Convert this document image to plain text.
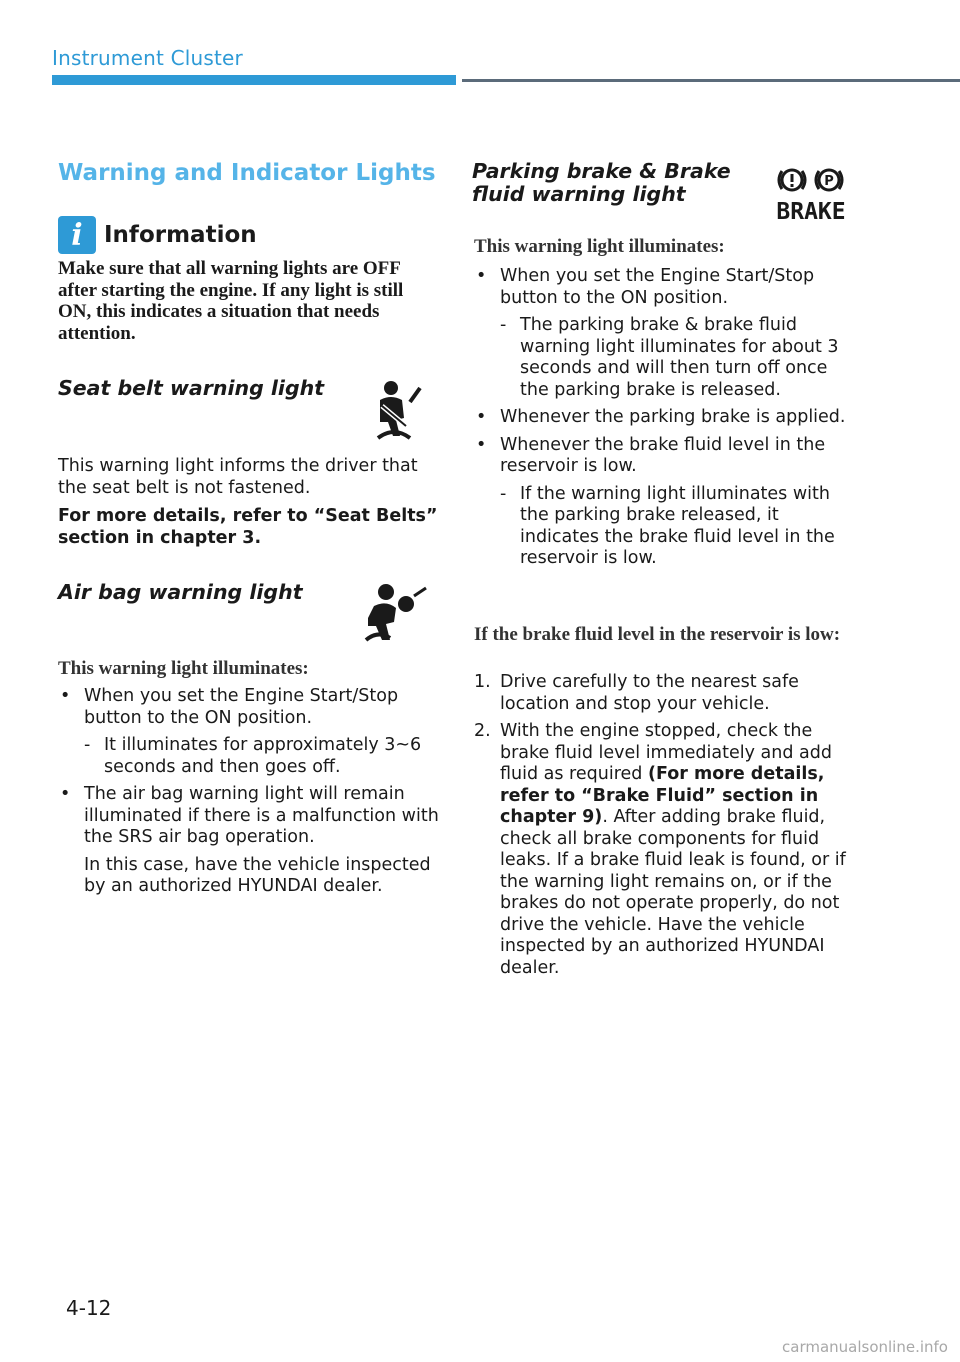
Instrument Cluster
Warning and Indicator Lights
i Information
Make sure that all warning lights are OFF after starting the engine. If any light is still ON, this indicates a situation that needs attention.
Seat belt warning light
This warning light informs the driver that the seat belt is not fastened.
For more details, refer to “Seat Belts” section in chapter 3.
Air bag warning light
This warning light illuminates:
• When you set the Engine Start/Stop button to the ON position.
- It illuminates for approximately 3~6 seconds and then goes off.
• The air bag warning light will remain illuminated if there is a malfunction with the SRS air bag operation.
In this case, have the vehicle inspected by an authorized HYUNDAI dealer.
Parking brake & Brake fluid warning light
P
BRAKE
This warning light illuminates:
• When you set the Engine Start/Stop button to the ON position.
- The parking brake & brake fluid warning light illuminates for about 3 seconds and will then turn off once the parking brake is released.
• Whenever the parking brake is applied.
• Whenever the brake fluid level in the reservoir is low.
- If the warning light illuminates with the parking brake released, it indicates the brake fluid level in the reservoir is low.
If the brake fluid level in the reservoir is low:
1. Drive carefully to the nearest safe location and stop your vehicle.
2. With the engine stopped, check the brake fluid level immediately and add fluid as required (For more details, refer to “Brake Fluid” section in chapter 9). After adding brake fluid, check all brake components for fluid leaks. If a brake fluid leak is found, or if the warning light remains on, or if the brakes do not operate properly, do not drive the vehicle. Have the vehicle inspected by an authorized HYUNDAI dealer.
4-12
carmanualsonline.info
